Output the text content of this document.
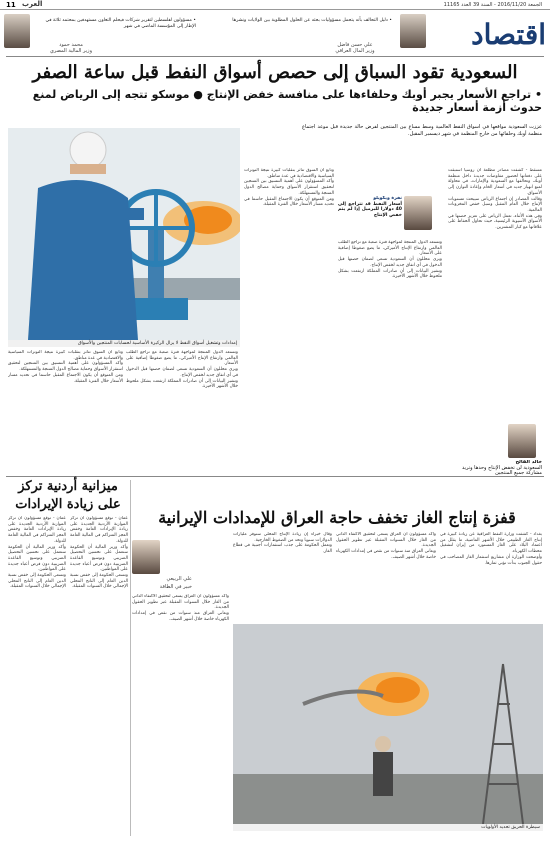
11 العرب	الجمعة 2016/11/20 - السنة 39 العدد 11165
• مسؤولون لفلسطين لتقرير شركات فيحلم التعاون مستهدفين بمحتمد ثلاثة في الإطار إلى المؤسسة الماضي في شهر
محمد حمود
وزير المالية المصري
• دليل التحالف بأنه يتحمل مسؤوليات بحثه عن الحلول المطلوبة بين الولايات ونشرها
علي حسن فاضل
وزير المال العراقي	اقتصاد
السعودية تقود السباق إلى حصص أسواق النفط قبل ساعة الصفر
• تراجع الأسعار يجبر أوبك وحلفاءها على منافسة خفض الإنتاج ● موسكو تتجه إلى الرياض لمنع حدوث أزمة أسعار جديدة
عززت السعودية مواقعها في أسواق النفط العالمية وسط مساع بين المنتجين لفرض حالة جديدة قبل موعد اجتماع منظمة أوبك وحلفائها من خارج المنظمة في شهر ديسمبر المقبل.
نفرة ويكويلو
أسعار النفط قد تتراجع إلى 40 دولارا للبرميل إذا لم يتم خفض الإنتاج
مسقط - كشفت مصادر مطلعة أن روسيا استبقت على دفعاتها لحضور مفاوضات جديدة داخل منظمة أوبك، وتحالفها مع السعودية والإمارات، في محاولة لمنع انهيار جديد في أسعار الخام وإعادة التوازن إلى الأسواق.
وقالت المصادر إن اجتماع الرياض سيبحث مستويات الإنتاج خلال العام المقبل وسبل خفض المخزونات العالمية.
وفي هذه الأثناء، تعمل الرياض على تعزيز حصتها في الأسواق الآسيوية الرئيسية، حيث تحاول الحفاظ على علاقاتها مع كبار المشترين.
وتستعد الدول المنتجة لمواجهة فترة صعبة مع تراجع الطلب العالمي وارتفاع الإنتاج الأميركي، ما يضع ضغوطا إضافية على الأسعار.
ويرى محللون أن السعودية تسعى لضمان حصتها قبل الدخول في أي اتفاق جديد لخفض الإنتاج.
وتشير البيانات إلى أن صادرات المملكة ارتفعت بشكل ملحوظ خلال الأشهر الأخيرة.
وتابع أن السوق تتأثر بتقلبات كبيرة نتيجة التوترات السياسية والاقتصادية في عدة مناطق.
وأكد المسؤولون على أهمية التنسيق بين المنتجين لتحقيق استقرار الأسواق وحماية مصالح الدول المنتجة والمستهلكة.
ومن المتوقع أن يكون الاجتماع المقبل حاسما في تحديد مسار الأسعار خلال الفترة المقبلة.
إمدادات وتشغيل أسواق النفط لا يزال الركيزة الأساسية لحسابات المنتجين والأسواق
وتابع أن السوق تتأثر بتقلبات كبيرة نتيجة التوترات السياسية والاقتصادية في عدة مناطق.
وأكد المسؤولون على أهمية التنسيق بين المنتجين لتحقيق استقرار الأسواق وحماية مصالح الدول المنتجة والمستهلكة.
ومن المتوقع أن يكون الاجتماع المقبل حاسما في تحديد مسار الأسعار خلال الفترة المقبلة.
وتستعد الدول المنتجة لمواجهة فترة صعبة مع تراجع الطلب العالمي وارتفاع الإنتاج الأميركي، ما يضع ضغوطا إضافية على الأسعار.
ويرى محللون أن السعودية تسعى لضمان حصتها قبل الدخول في أي اتفاق جديد لخفض الإنتاج.
وتشير البيانات إلى أن صادرات المملكة ارتفعت بشكل ملحوظ خلال الأشهر الأخيرة.
خالد الفالح
السعودية لن تخفض الإنتاج وحدها وتريد مشاركة جميع المنتجين
ميزانية أردنية تركز على زيادة الإيرادات
عمان - توقع مسؤولون أن تركز الموازنة الأردنية الجديدة على زيادة الإيرادات العامة وخفض العجز المتراكم في المالية العامة للدولة.
وأكد وزير المالية أن الحكومة ستعمل على تحسين التحصيل الضريبي وتوسيع القاعدة الضريبية دون فرض أعباء جديدة على المواطنين.
وتسعى الحكومة إلى خفض نسبة الدين العام إلى الناتج المحلي الإجمالي خلال السنوات المقبلة.
عمان - توقع مسؤولون أن تركز الموازنة الأردنية الجديدة على زيادة الإيرادات العامة وخفض العجز المتراكم في المالية العامة للدولة.
وأكد وزير المالية أن الحكومة ستعمل على تحسين التحصيل الضريبي وتوسيع القاعدة الضريبية دون فرض أعباء جديدة على المواطنين.
وتسعى الحكومة إلى خفض نسبة الدين العام إلى الناتج المحلي الإجمالي خلال السنوات المقبلة.
قفزة إنتاج الغاز تخفف حاجة العراق للإمدادات الإيرانية
علي الربيعي
خبير في الطاقة
بغداد - كشفت وزارة النفط العراقية عن زيادة كبيرة في إنتاج الغاز الطبيعي خلال الأشهر الماضية، ما يقلل من اعتماد البلاد على الغاز المستورد من إيران لتشغيل محطات الكهرباء.
وأوضحت الوزارة أن مشاريع استثمار الغاز المصاحب في حقول الجنوب بدأت تؤتي ثمارها.
وأكد مسؤولون أن العراق يسعى لتحقيق الاكتفاء الذاتي من الغاز خلال السنوات المقبلة عبر تطوير الحقول الجديدة.
ويعاني العراق منذ سنوات من نقص في إمدادات الكهرباء خاصة خلال أشهر الصيف.
وقال خبراء إن زيادة الإنتاج المحلي ستوفر مليارات الدولارات سنويا وتحد من الضغوط الخارجية.
وتعمل الحكومة على جذب استثمارات أجنبية في قطاع الغاز.
وأكد مسؤولون أن العراق يسعى لتحقيق الاكتفاء الذاتي من الغاز خلال السنوات المقبلة عبر تطوير الحقول الجديدة.
ويعاني العراق منذ سنوات من نقص في إمدادات الكهرباء خاصة خلال أشهر الصيف.
سيطرة الحريق تحديد الأولويات
